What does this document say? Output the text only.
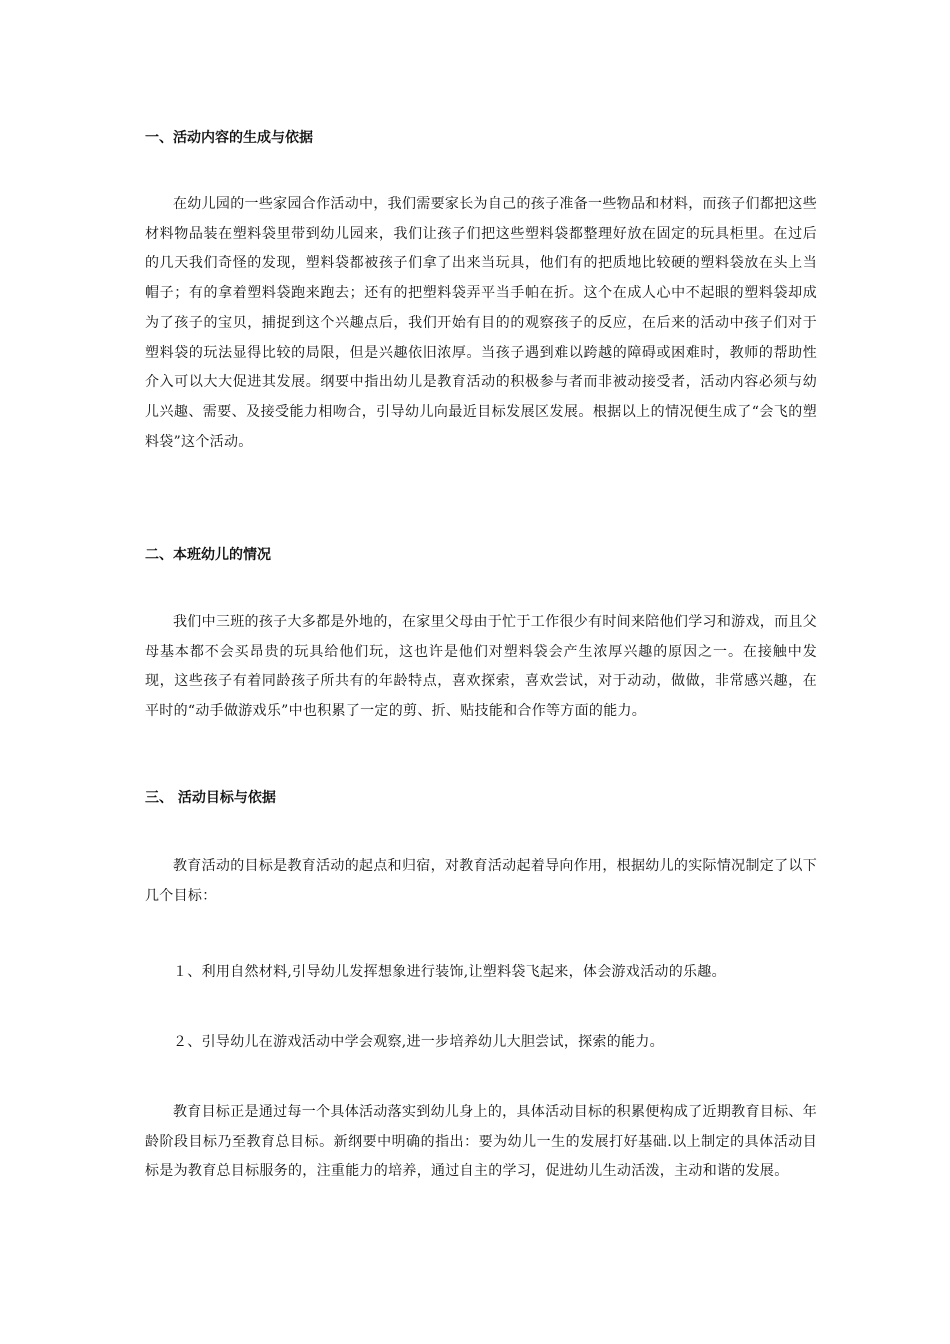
一、活动内容的生成与依据

在幼儿园的一些家园合作活动中，我们需要家长为自己的孩子准备一些物品和材料，而孩子们都把这些材料物品装在塑料袋里带到幼儿园来，我们让孩子们把这些塑料袋都整理好放在固定的玩具柜里。在过后的几天我们奇怪的发现，塑料袋都被孩子们拿了出来当玩具，他们有的把质地比较硬的塑料袋放在头上当帽子；有的拿着塑料袋跑来跑去；还有的把塑料袋弄平当手帕在折。这个在成人心中不起眼的塑料袋却成为了孩子的宝贝，捕捉到这个兴趣点后，我们开始有目的的观察孩子的反应，在后来的活动中孩子们对于塑料袋的玩法显得比较的局限，但是兴趣依旧浓厚。当孩子遇到难以跨越的障碍或困难时，教师的帮助性介入可以大大促进其发展。纲要中指出幼儿是教育活动的积极参与者而非被动接受者，活动内容必须与幼儿兴趣、需要、及接受能力相吻合，引导幼儿向最近目标发展区发展。根据以上的情况便生成了“会飞的塑料袋”这个活动。

二、本班幼儿的情况

我们中三班的孩子大多都是外地的，在家里父母由于忙于工作很少有时间来陪他们学习和游戏，而且父母基本都不会买昂贵的玩具给他们玩，这也许是他们对塑料袋会产生浓厚兴趣的原因之一。在接触中发现，这些孩子有着同龄孩子所共有的年龄特点，喜欢探索，喜欢尝试，对于动动，做做，非常感兴趣，在平时的“动手做游戏乐”中也积累了一定的剪、折、贴技能和合作等方面的能力。

三、 活动目标与依据

教育活动的目标是教育活动的起点和归宿，对教育活动起着导向作用，根据幼儿的实际情况制定了以下几个目标：

１、利用自然材料,引导幼儿发挥想象进行装饰,让塑料袋飞起来，体会游戏活动的乐趣。

２、引导幼儿在游戏活动中学会观察,进一步培养幼儿大胆尝试，探索的能力。

教育目标正是通过每一个具体活动落实到幼儿身上的，具体活动目标的积累便构成了近期教育目标、年龄阶段目标乃至教育总目标。新纲要中明确的指出：要为幼儿一生的发展打好基础.以上制定的具体活动目标是为教育总目标服务的，注重能力的培养，通过自主的学习，促进幼儿生动活泼，主动和谐的发展。
